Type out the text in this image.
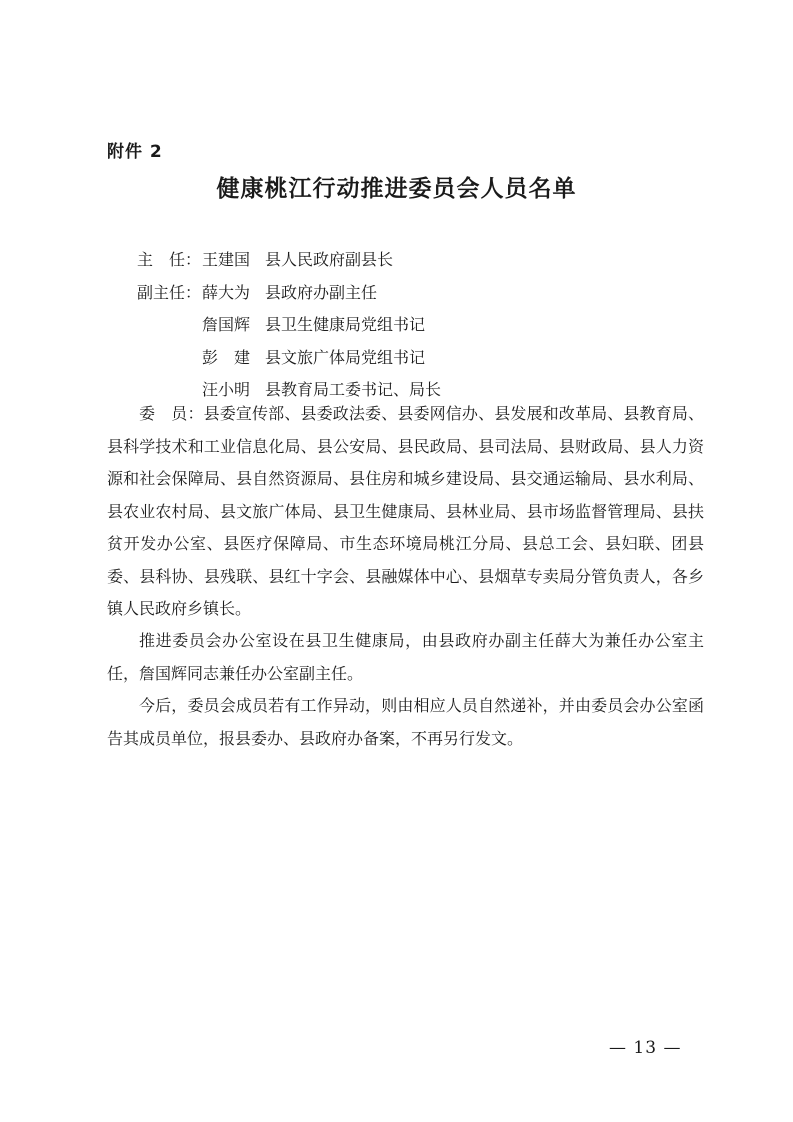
附件 2
健康桃江行动推进委员会人员名单
主　任： 王建国 县人民政府副县长
副主任： 薛大为 县政府办副主任
詹国辉 县卫生健康局党组书记
彭　建 县文旅广体局党组书记
汪小明 县教育局工委书记、局长

委　员：县委宣传部、县委政法委、县委网信办、县发展和改革局、县教育局、县科学技术和工业信息化局、县公安局、县民政局、县司法局、县财政局、县人力资源和社会保障局、县自然资源局、县住房和城乡建设局、县交通运输局、县水利局、县农业农村局、县文旅广体局、县卫生健康局、县林业局、县市场监督管理局、县扶贫开发办公室、县医疗保障局、市生态环境局桃江分局、县总工会、县妇联、团县委、县科协、县残联、县红十字会、县融媒体中心、县烟草专卖局分管负责人，各乡镇人民政府乡镇长。

推进委员会办公室设在县卫生健康局，由县政府办副主任薛大为兼任办公室主任，詹国辉同志兼任办公室副主任。

今后，委员会成员若有工作异动，则由相应人员自然递补，并由委员会办公室函告其成员单位，报县委办、县政府办备案，不再另行发文。

— 13 —
